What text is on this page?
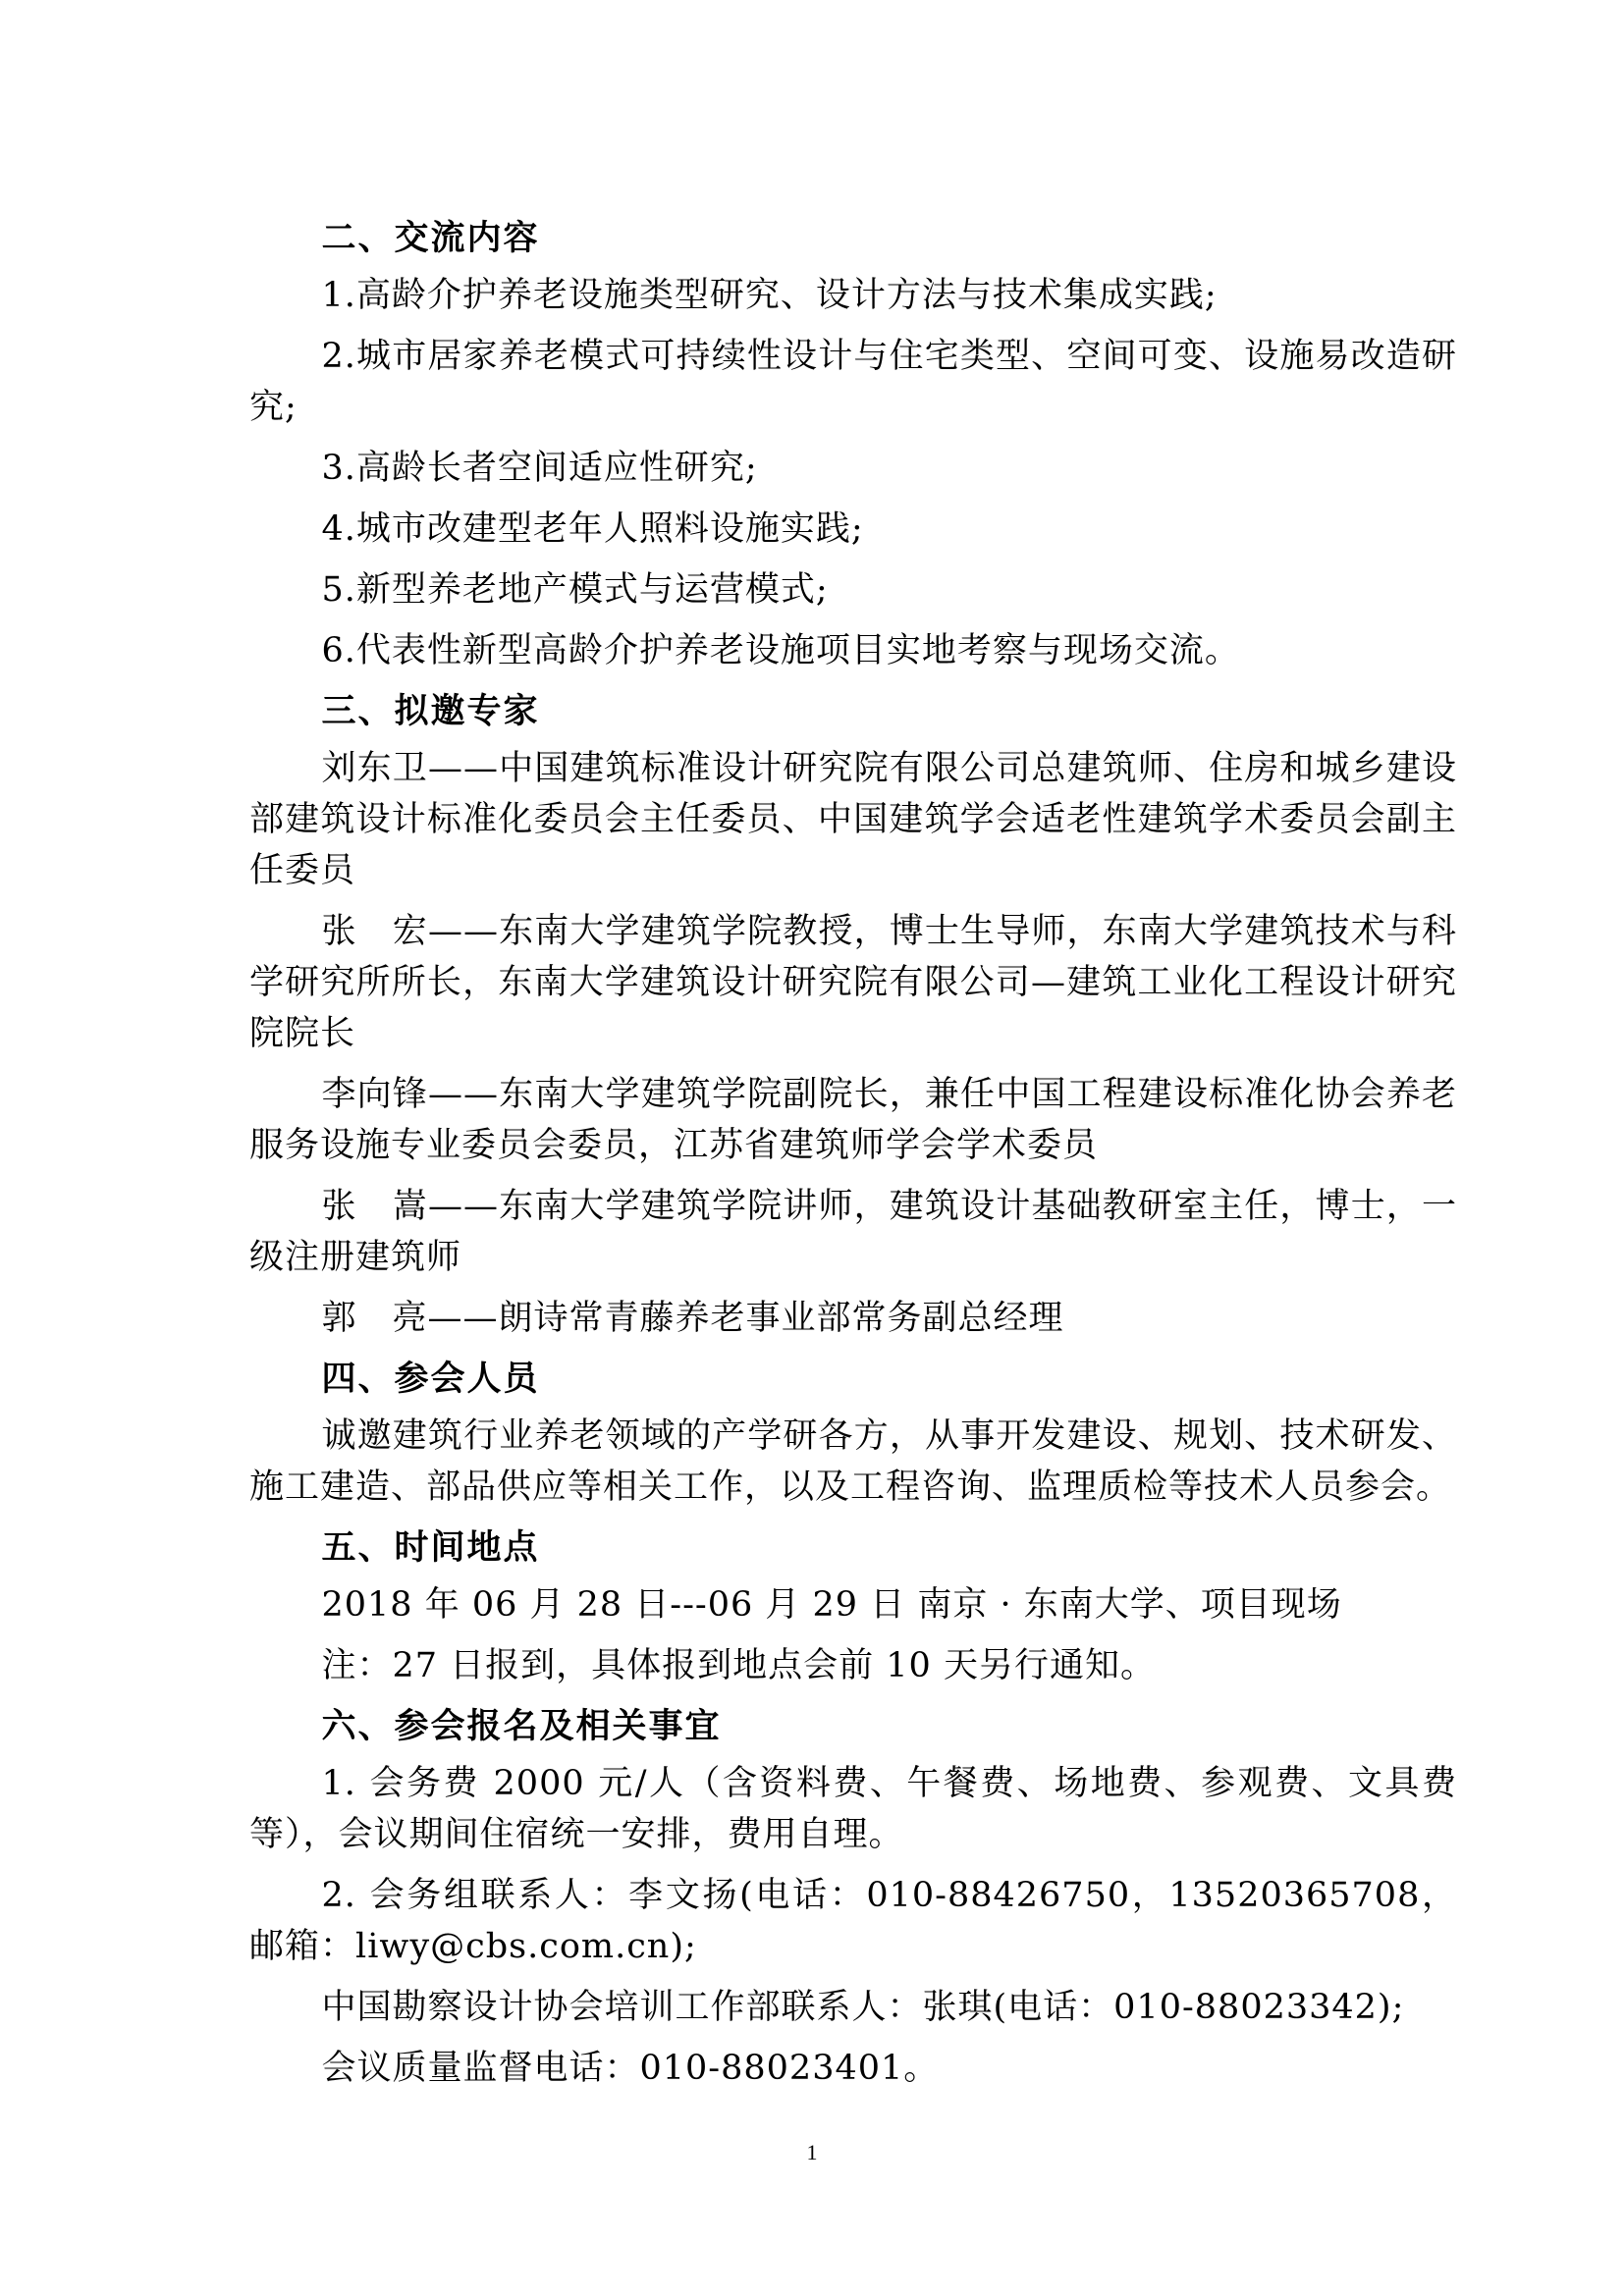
二、交流内容
1.高龄介护养老设施类型研究、设计方法与技术集成实践;
2.城市居家养老模式可持续性设计与住宅类型、空间可变、设施易改造研究;
3.高龄长者空间适应性研究;
4.城市改建型老年人照料设施实践;
5.新型养老地产模式与运营模式;
6.代表性新型高龄介护养老设施项目实地考察与现场交流。
三、拟邀专家
刘东卫——中国建筑标准设计研究院有限公司总建筑师、住房和城乡建设部建筑设计标准化委员会主任委员、中国建筑学会适老性建筑学术委员会副主任委员
张　宏——东南大学建筑学院教授，博士生导师，东南大学建筑技术与科学研究所所长，东南大学建筑设计研究院有限公司—建筑工业化工程设计研究院院长
李向锋——东南大学建筑学院副院长，兼任中国工程建设标准化协会养老服务设施专业委员会委员，江苏省建筑师学会学术委员
张　嵩——东南大学建筑学院讲师，建筑设计基础教研室主任，博士，一级注册建筑师
郭　亮——朗诗常青藤养老事业部常务副总经理
四、参会人员
诚邀建筑行业养老领域的产学研各方，从事开发建设、规划、技术研发、施工建造、部品供应等相关工作，以及工程咨询、监理质检等技术人员参会。
五、时间地点
2018 年 06 月 28 日---06 月 29 日 南京 · 东南大学、项目现场
注：27 日报到，具体报到地点会前 10 天另行通知。
六、参会报名及相关事宜
1. 会务费 2000 元/人（含资料费、午餐费、场地费、参观费、文具费等），会议期间住宿统一安排，费用自理。
2. 会务组联系人：李文扬(电话：010-88426750，13520365708，邮箱：liwy@cbs.com.cn);
中国勘察设计协会培训工作部联系人：张琪(电话：010-88023342);
会议质量监督电话：010-88023401。
1
